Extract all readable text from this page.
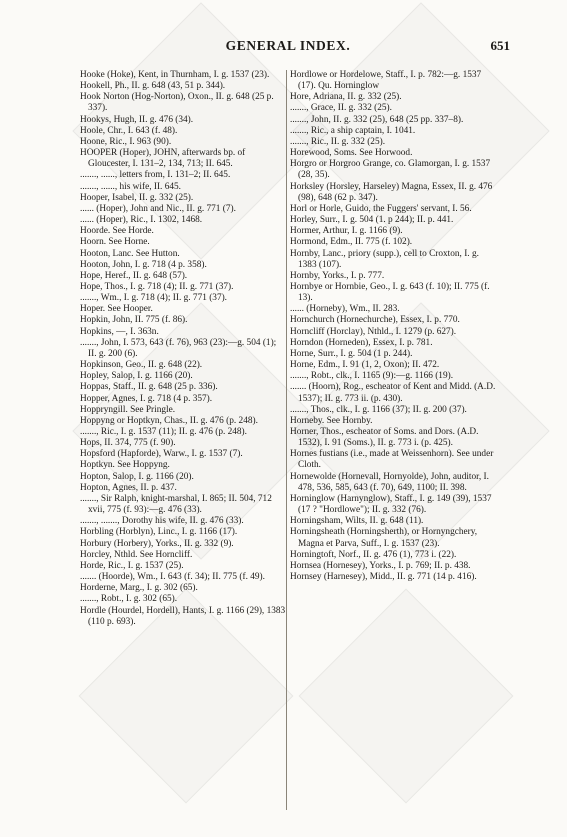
GENERAL INDEX.	651
Hooke (Hoke), Kent, in Thurnham, I. g. 1537 (23).
Hookell, Ph., II. g. 648 (43, 51 p. 344).
Hook Norton (Hog-Norton), Oxon., II. g. 648 (25 p. 337).
Hookys, Hugh, II. g. 476 (34).
Hoole, Chr., I. 643 (f. 48).
Hoone, Ric., I. 963 (90).
HOOPER (Hoper), JOHN, afterwards bp. of Gloucester, I. 131–2, 134, 713; II. 645.
......., ......, letters from, I. 131–2; II. 645.
......., ......, his wife, II. 645.
Hooper, Isabel, II. g. 332 (25).
...... (Hoper), John and Nic., II. g. 771 (7).
...... (Hoper), Ric., I. 1302, 1468.
Hoorde. See Horde.
Hoorn. See Horne.
Hooton, Lanc. See Hutton.
Hooton, John, I. g. 718 (4 p. 358).
Hope, Heref., II. g. 648 (57).
Hope, Thos., I. g. 718 (4); II. g. 771 (37).
......., Wm., I. g. 718 (4); II. g. 771 (37).
Hoper. See Hooper.
Hopkin, John, II. 775 (f. 86).
Hopkins, —, I. 363n.
......., John, I. 573, 643 (f. 76), 963 (23):—g. 504 (1); II. g. 200 (6).
Hopkinson, Geo., II. g. 648 (22).
Hopley, Salop, I. g. 1166 (20).
Hoppas, Staff., II. g. 648 (25 p. 336).
Hopper, Agnes, I. g. 718 (4 p. 357).
Hoppryngill. See Pringle.
Hoppyng or Hoptkyn, Chas., II. g. 476 (p. 248).
......., Ric., I. g. 1537 (11); II. g. 476 (p. 248).
Hops, II. 374, 775 (f. 90).
Hopsford (Hapforde), Warw., I. g. 1537 (7).
Hoptkyn. See Hoppyng.
Hopton, Salop, I. g. 1166 (20).
Hopton, Agnes, II. p. 437.
......., Sir Ralph, knight-marshal, I. 865; II. 504, 712 xvii, 775 (f. 93):—g. 476 (33).
......., ......., Dorothy his wife, II. g. 476 (33).
Horbling (Horblyn), Linc., I. g. 1166 (17).
Horbury (Horbery), Yorks., II. g. 332 (9).
Horcley, Nthld. See Horncliff.
Horde, Ric., I. g. 1537 (25).
....... (Hoorde), Wm., I. 643 (f. 34); II. 775 (f. 49).
Horderne, Marg., I. g. 302 (65).
......., Robt., I. g. 302 (65).
Hordle (Hourdel, Hordell), Hants, I. g. 1166 (29), 1383 (110 p. 693).
Hordlowe or Hordelowe, Staff., I. p. 782:—g. 1537 (17). Qu. Horninglow
Hore, Adriana, II. g. 332 (25).
......., Grace, II. g. 332 (25).
......., John, II. g. 332 (25), 648 (25 pp. 337–8).
......., Ric., a ship captain, I. 1041.
......., Ric., II. g. 332 (25).
Horewood, Soms. See Horwood.
Horgro or Horgroo Grange, co. Glamorgan, I. g. 1537 (28, 35).
Horksley (Horsley, Harseley) Magna, Essex, II. g. 476 (98), 648 (62 p. 347).
Horl or Horle, Guido, the Fuggers' servant, I. 56.
Horley, Surr., I. g. 504 (1. p 244); II. p. 441.
Hormer, Arthur, I. g. 1166 (9).
Hormond, Edm., II. 775 (f. 102).
Hornby, Lanc., priory (supp.), cell to Croxton, I. g. 1383 (107).
Hornby, Yorks., I. p. 777.
Hornbye or Hornbie, Geo., I. g. 643 (f. 10); II. 775 (f. 13).
...... (Horneby), Wm., II. 283.
Hornchurch (Hornechurche), Essex, I. p. 770.
Horncliff (Horclay), Nthld., I. 1279 (p. 627).
Horndon (Horneden), Essex, I. p. 781.
Horne, Surr., I. g. 504 (1 p. 244).
Horne, Edm., I. 91 (1, 2, Oxon); II. 472.
......., Robt., clk., I. 1165 (9):—g. 1166 (19).
....... (Hoorn), Rog., escheator of Kent and Midd. (A.D. 1537); II. g. 773 ii. (p. 430).
......., Thos., clk., I. g. 1166 (37); II. g. 200 (37).
Horneby. See Hornby.
Horner, Thos., escheator of Soms. and Dors. (A.D. 1532), I. 91 (Soms.), II. g. 773 i. (p. 425).
Hornes fustians (i.e., made at Weissenhorn). See under Cloth.
Hornewolde (Hornevall, Hornyolde), John, auditor, I. 478, 536, 585, 643 (f. 70), 649, 1100; II. 398.
Horninglow (Harnynglow), Staff., I. g. 149 (39), 1537 (17 ? "Hordlowe"); II. g. 332 (76).
Horningsham, Wilts, II. g. 648 (11).
Horningsheath (Horningsherth), or Hornyngchery, Magna et Parva, Suff., I. g. 1537 (23).
Horningtoft, Norf., II. g. 476 (1), 773 i. (22).
Hornsea (Hornesey), Yorks., I. p. 769; II. p. 438.
Hornsey (Harnesey), Midd., II. g. 771 (14 p. 416).
